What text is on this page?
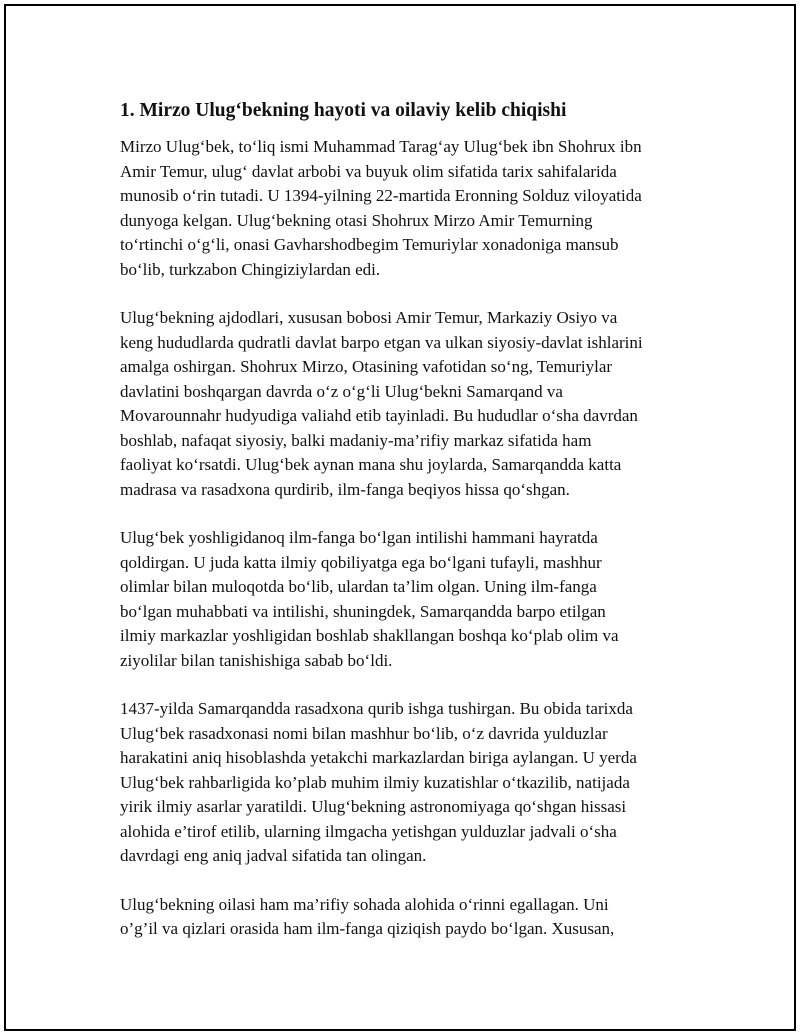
1. Mirzo Ulug‘bekning hayoti va oilaviy kelib chiqishi

Mirzo Ulug‘bek, to‘liq ismi Muhammad Tarag‘ay Ulug‘bek ibn Shohrux ibn
Amir Temur, ulug‘ davlat arbobi va buyuk olim sifatida tarix sahifalarida
munosib o‘rin tutadi. U 1394-yilning 22-martida Eronning Solduz viloyatida
dunyoga kelgan. Ulug‘bekning otasi Shohrux Mirzo Amir Temurning
to‘rtinchi o‘g‘li, onasi Gavharshodbegim Temuriylar xonadoniga mansub
bo‘lib, turkzabon Chingiziylardan edi.

Ulug‘bekning ajdodlari, xususan bobosi Amir Temur, Markaziy Osiyo va
keng hududlarda qudratli davlat barpo etgan va ulkan siyosiy-davlat ishlarini
amalga oshirgan. Shohrux Mirzo, Otasining vafotidan so‘ng, Temuriylar
davlatini boshqargan davrda o‘z o‘g‘li Ulug‘bekni Samarqand va
Movarounnahr hudyudiga valiahd etib tayinladi. Bu hududlar o‘sha davrdan
boshlab, nafaqat siyosiy, balki madaniy-ma’rifiy markaz sifatida ham
faoliyat ko‘rsatdi. Ulug‘bek aynan mana shu joylarda, Samarqandda katta
madrasa va rasadxona qurdirib, ilm-fanga beqiyos hissa qo‘shgan.

Ulug‘bek yoshligidanoq ilm-fanga bo‘lgan intilishi hammani hayratda
qoldirgan. U juda katta ilmiy qobiliyatga ega bo‘lgani tufayli, mashhur
olimlar bilan muloqotda bo‘lib, ulardan ta’lim olgan. Uning ilm-fanga
bo‘lgan muhabbati va intilishi, shuningdek, Samarqandda barpo etilgan
ilmiy markazlar yoshligidan boshlab shakllangan boshqa ko‘plab olim va
ziyolilar bilan tanishishiga sabab bo‘ldi.

1437-yilda Samarqandda rasadxona qurib ishga tushirgan. Bu obida tarixda
Ulug‘bek rasadxonasi nomi bilan mashhur bo‘lib, o‘z davrida yulduzlar
harakatini aniq hisoblashda yetakchi markazlardan biriga aylangan. U yerda
Ulug‘bek rahbarligida ko’plab muhim ilmiy kuzatishlar o‘tkazilib, natijada
yirik ilmiy asarlar yaratildi. Ulug‘bekning astronomiyaga qo‘shgan hissasi
alohida e’tirof etilib, ularning ilmgacha yetishgan yulduzlar jadvali o‘sha
davrdagi eng aniq jadval sifatida tan olingan.

Ulug‘bekning oilasi ham ma’rifiy sohada alohida o‘rinni egallagan. Uni
o’g’il va qizlari orasida ham ilm-fanga qiziqish paydo bo‘lgan. Xususan,
